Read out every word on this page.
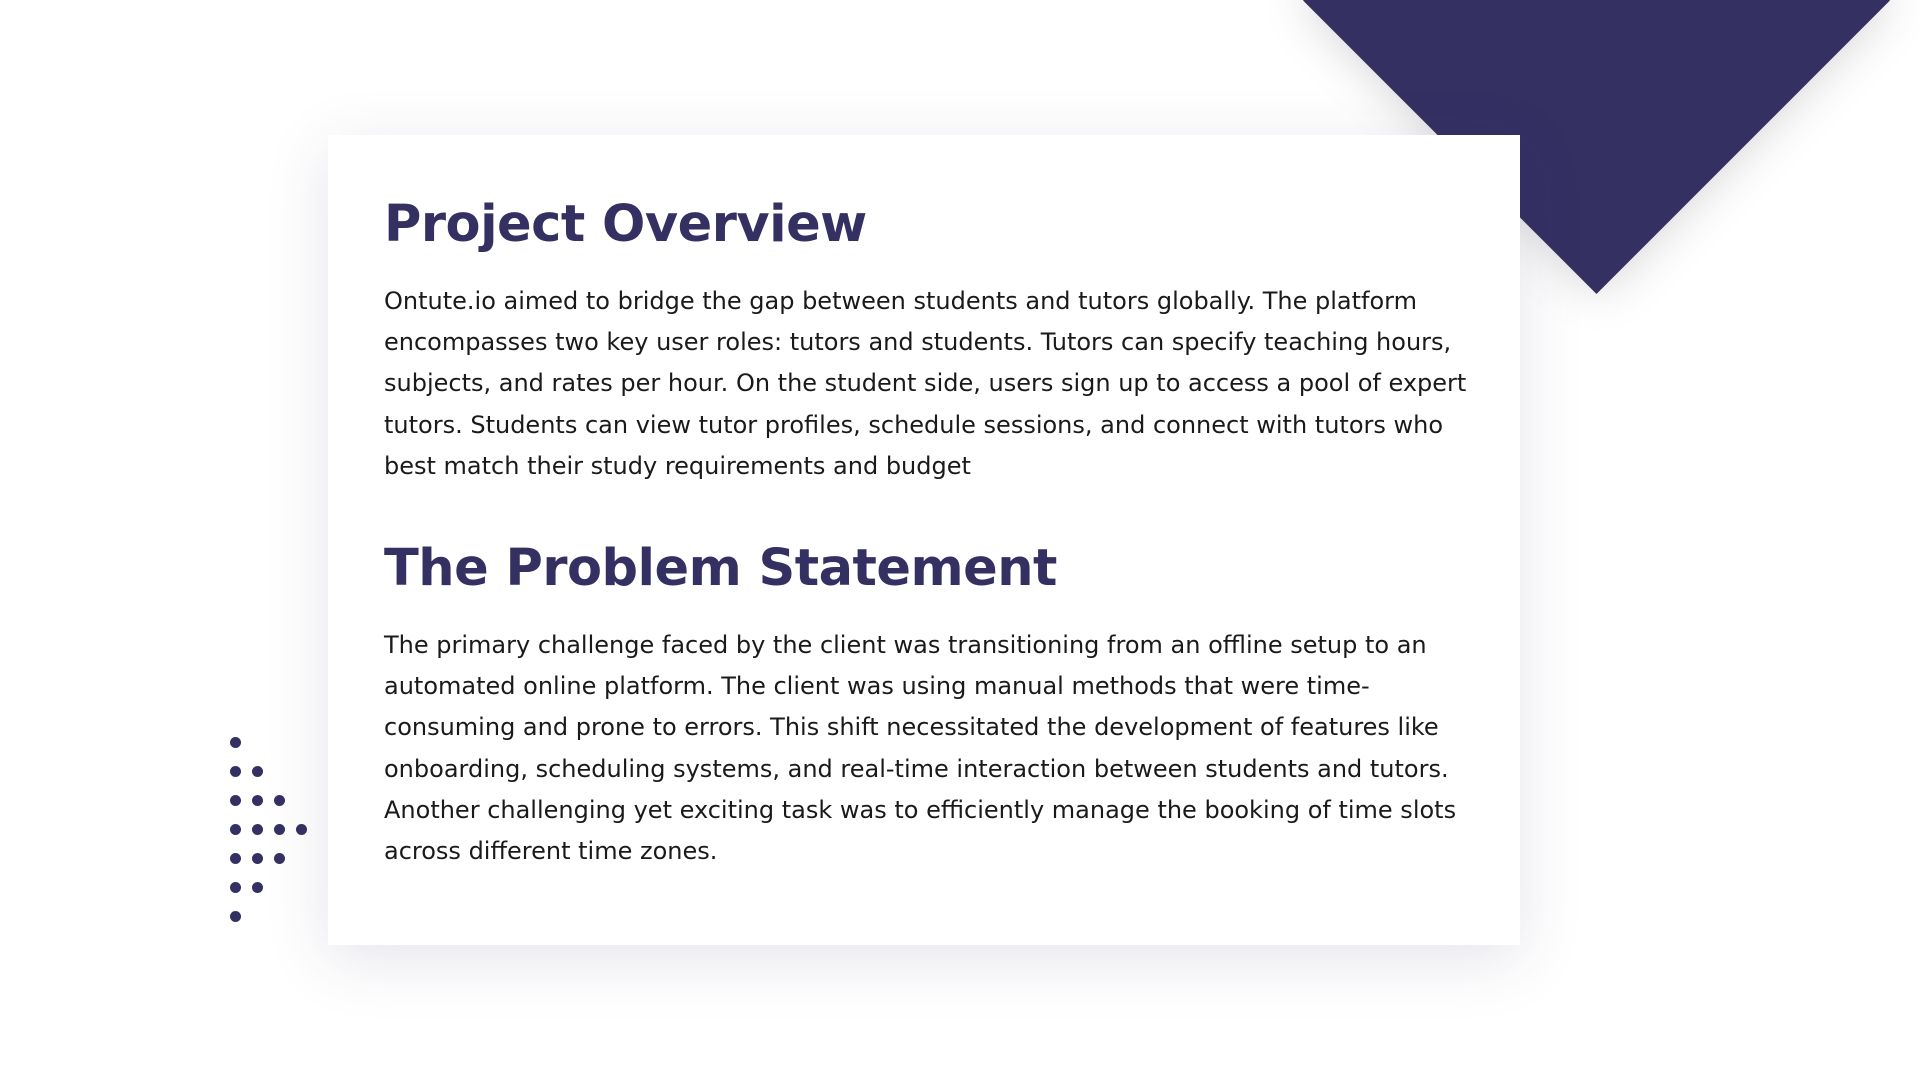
Project Overview

Ontute.io aimed to bridge the gap between students and tutors globally. The platform encompasses two key user roles: tutors and students. Tutors can specify teaching hours, subjects, and rates per hour. On the student side, users sign up to access a pool of expert tutors. Students can view tutor profiles, schedule sessions, and connect with tutors who best match their study requirements and budget

The Problem Statement

The primary challenge faced by the client was transitioning from an offline setup to an automated online platform. The client was using manual methods that were time-consuming and prone to errors. This shift necessitated the development of features like onboarding, scheduling systems, and real-time interaction between students and tutors. Another challenging yet exciting task was to efficiently manage the booking of time slots across different time zones.
